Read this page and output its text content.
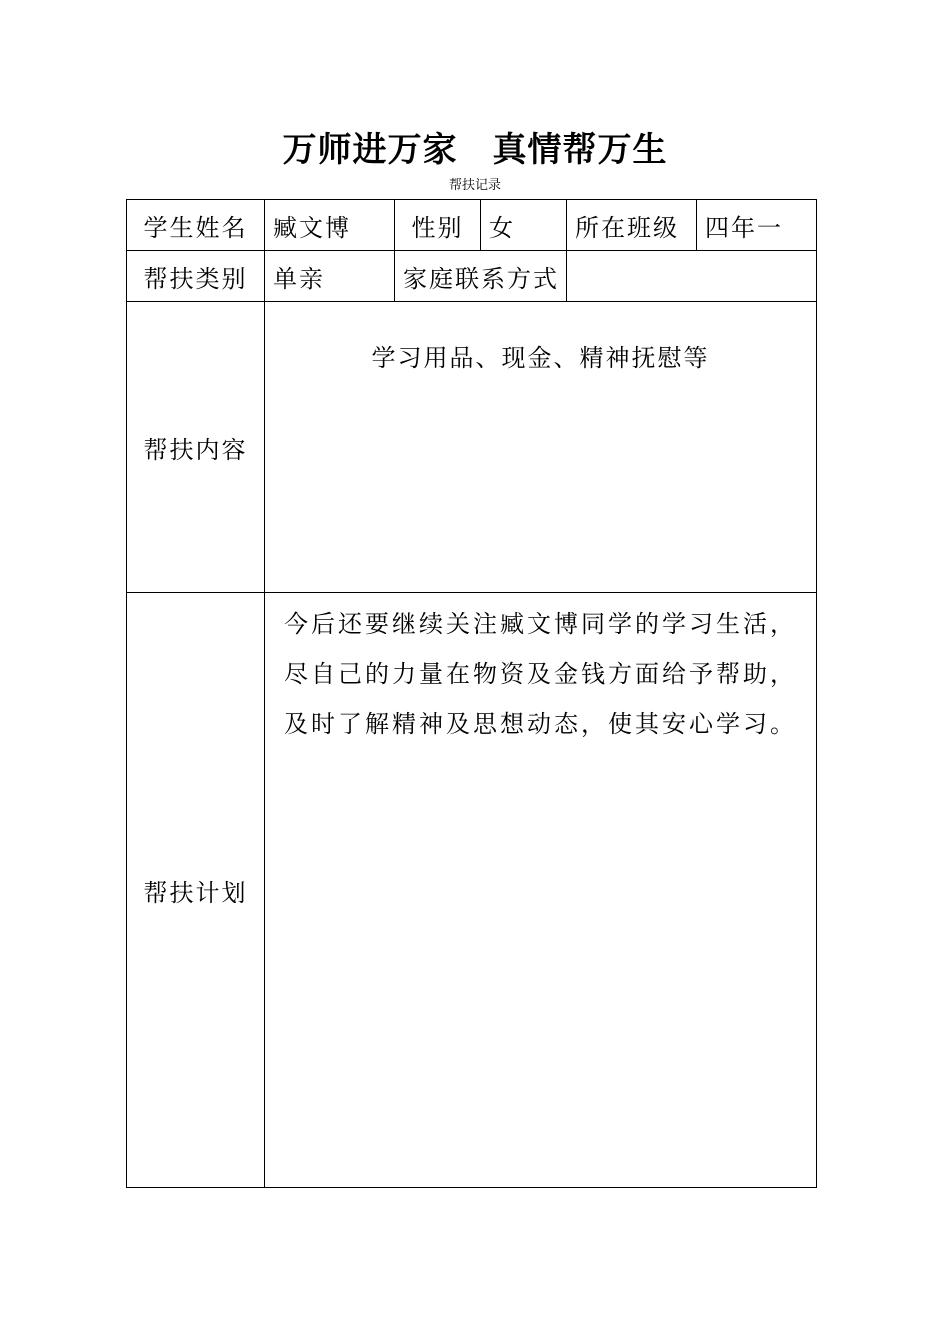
万师进万家　真情帮万生
帮扶记录
学生姓名	臧文博	性别	女	所在班级	四年一
帮扶类别	单亲	家庭联系方式			
帮扶内容	学习用品、现金、精神抚慰等				

帮扶计划	今后还要继续关注臧文博同学的学习生活，尽自己的力量在物资及金钱方面给予帮助，及时了解精神及思想动态，使其安心学习。				
